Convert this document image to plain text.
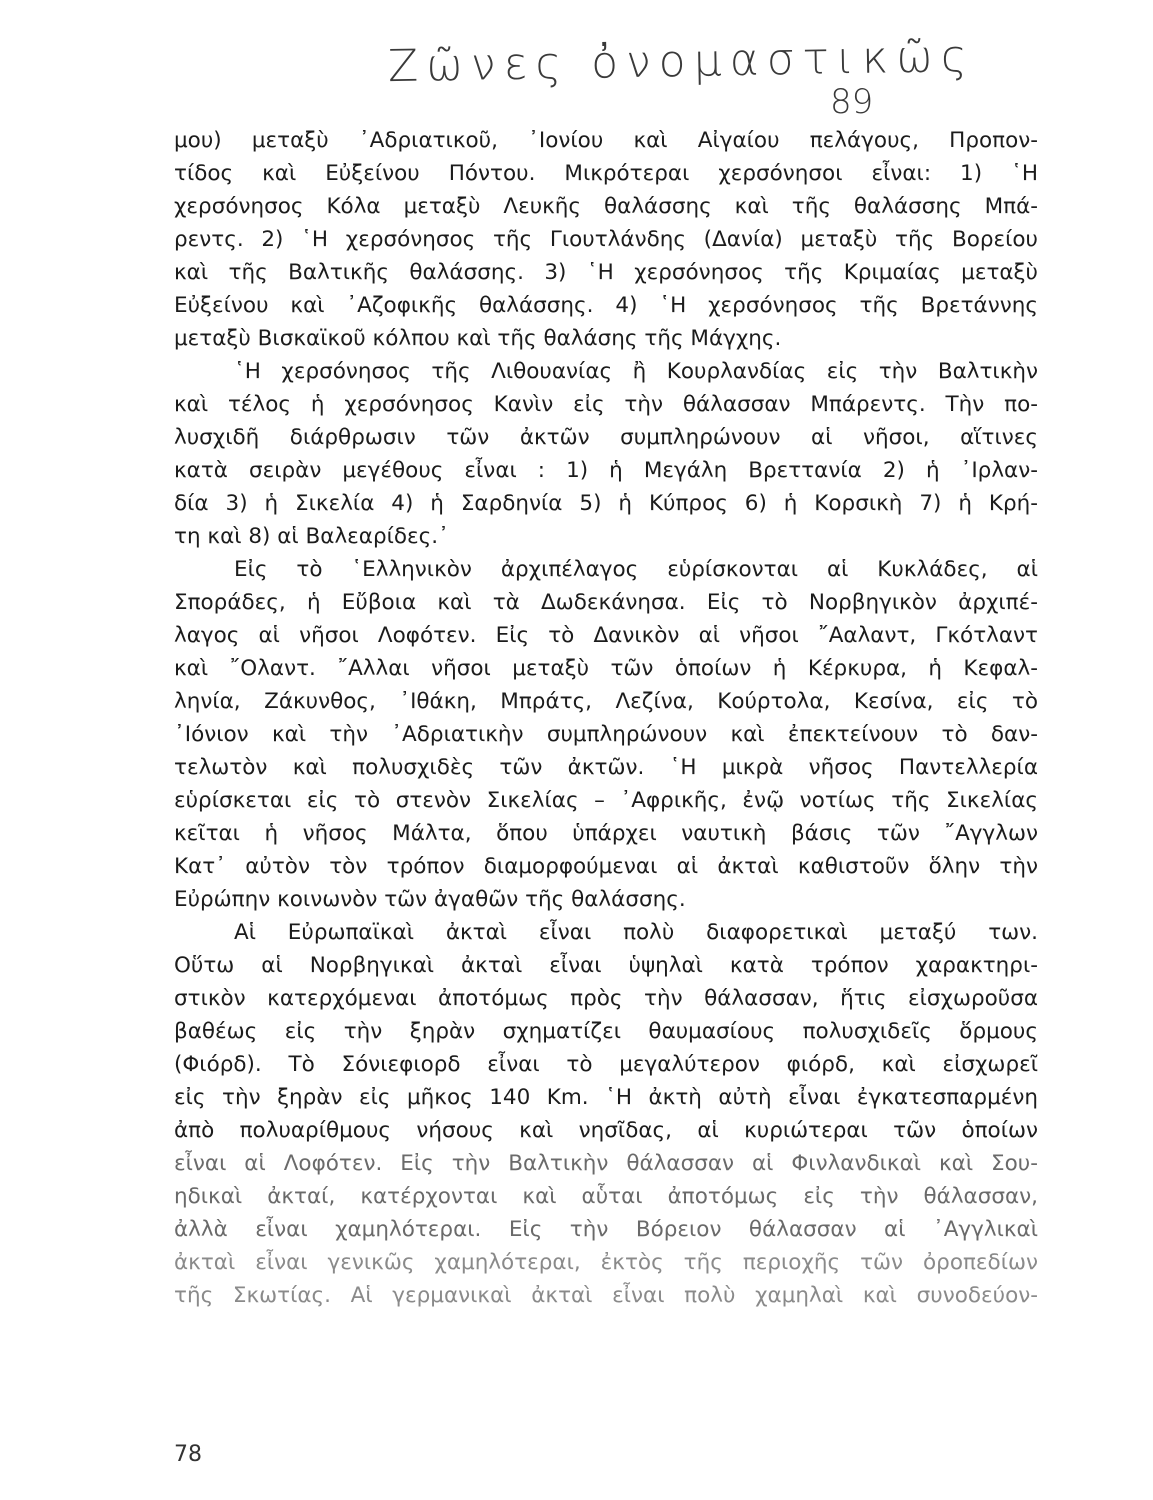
Ζῶνες ὀνομαστικῶς
89
μου) μεταξὺ ᾿Αδριατικοῦ, ᾿Ιονίου καὶ Αἰγαίου πελάγους, Προπον-
τίδος καὶ Εὐξείνου Πόντου. Μικρότεραι χερσόνησοι εἶναι: 1) ῾Η
χερσόνησος Κόλα μεταξὺ Λευκῆς θαλάσσης καὶ τῆς θαλάσσης Μπά-
ρεντς. 2) ῾Η χερσόνησος τῆς Γιουτλάνδης (Δανία) μεταξὺ τῆς Βορείου
καὶ τῆς Βαλτικῆς θαλάσσης. 3) ῾Η χερσόνησος τῆς Κριμαίας μεταξὺ
Εὐξείνου καὶ ᾿Αζοφικῆς θαλάσσης. 4) ῾Η χερσόνησος τῆς Βρετάννης
μεταξὺ Βισκαϊκοῦ κόλπου καὶ τῆς θαλάσης τῆς Μάγχης.
῾Η χερσόνησος τῆς Λιθουανίας ἢ Κουρλανδίας εἰς τὴν Βαλτικὴν
καὶ τέλος ἡ χερσόνησος Κανὶν εἰς τὴν θάλασσαν Μπάρεντς. Τὴν πο-
λυσχιδῆ διάρθρωσιν τῶν ἀκτῶν συμπληρώνουν αἱ νῆσοι, αἵτινες
κατὰ σειρὰν μεγέθους εἶναι : 1) ἡ Μεγάλη Βρεττανία 2) ἡ ᾿Ιρλαν-
δία 3) ἡ Σικελία 4) ἡ Σαρδηνία 5) ἡ Κύπρος 6) ἡ Κορσικὴ 7) ἡ Κρή-
τη καὶ 8) αἱ Βαλεαρίδες.᾿
Εἰς τὸ ῾Ελληνικὸν ἀρχιπέλαγος εὑρίσκονται αἱ Κυκλάδες, αἱ
Σποράδες, ἡ Εὔβοια καὶ τὰ Δωδεκάνησα. Εἰς τὸ Νορβηγικὸν ἀρχιπέ-
λαγος αἱ νῆσοι Λοφότεν. Εἰς τὸ Δανικὸν αἱ νῆσοι ῎Ααλαντ, Γκότλαντ
καὶ ῎Ολαντ. ῎Αλλαι νῆσοι μεταξὺ τῶν ὁποίων ἡ Κέρκυρα, ἡ Κεφαλ-
ληνία, Ζάκυνθος, ᾿Ιθάκη, Μπράτς, Λεζίνα, Κούρτολα, Κεσίνα, εἰς τὸ
᾿Ιόνιον καὶ τὴν ᾿Αδριατικὴν συμπληρώνουν καὶ ἐπεκτείνουν τὸ δαν-
τελωτὸν καὶ πολυσχιδὲς τῶν ἀκτῶν. ῾Η μικρὰ νῆσος Παντελλερία
εὑρίσκεται εἰς τὸ στενὸν Σικελίας – ᾿Αφρικῆς, ἐνῷ νοτίως τῆς Σικελίας
κεῖται ἡ νῆσος Μάλτα, ὅπου ὑπάρχει ναυτικὴ βάσις τῶν ῎Αγγλων
Κατ᾿ αὐτὸν τὸν τρόπον διαμορφούμεναι αἱ ἀκταὶ καθιστοῦν ὅλην τὴν
Εὐρώπην κοινωνὸν τῶν ἀγαθῶν τῆς θαλάσσης.
Αἱ Εὐρωπαϊκαὶ ἀκταὶ εἶναι πολὺ διαφορετικαὶ μεταξύ των.
Οὕτω αἱ Νορβηγικαὶ ἀκταὶ εἶναι ὑψηλαὶ κατὰ τρόπον χαρακτηρι-
στικὸν κατερχόμεναι ἀποτόμως πρὸς τὴν θάλασσαν, ἥτις εἰσχωροῦσα
βαθέως εἰς τὴν ξηρὰν σχηματίζει θαυμασίους πολυσχιδεῖς ὅρμους
(Φιόρδ). Τὸ Σόνιεφιορδ εἶναι τὸ μεγαλύτερον φιόρδ, καὶ εἰσχωρεῖ
εἰς τὴν ξηρὰν εἰς μῆκος 140 Km. ῾Η ἀκτὴ αὐτὴ εἶναι ἐγκατεσπαρμένη
ἀπὸ πολυαρίθμους νήσους καὶ νησῖδας, αἱ κυριώτεραι τῶν ὁποίων
εἶναι αἱ Λοφότεν. Εἰς τὴν Βαλτικὴν θάλασσαν αἱ Φινλανδικαὶ καὶ Σου-
ηδικαὶ ἀκταί, κατέρχονται καὶ αὗται ἀποτόμως εἰς τὴν θάλασσαν,
ἀλλὰ εἶναι χαμηλότεραι. Εἰς τὴν Βόρειον θάλασσαν αἱ ᾿Αγγλικαὶ
ἀκταὶ εἶναι γενικῶς χαμηλότεραι, ἐκτὸς τῆς περιοχῆς τῶν ὀροπεδίων
τῆς Σκωτίας. Αἱ γερμανικαὶ ἀκταὶ εἶναι πολὺ χαμηλαὶ καὶ συνοδεύον-
78
